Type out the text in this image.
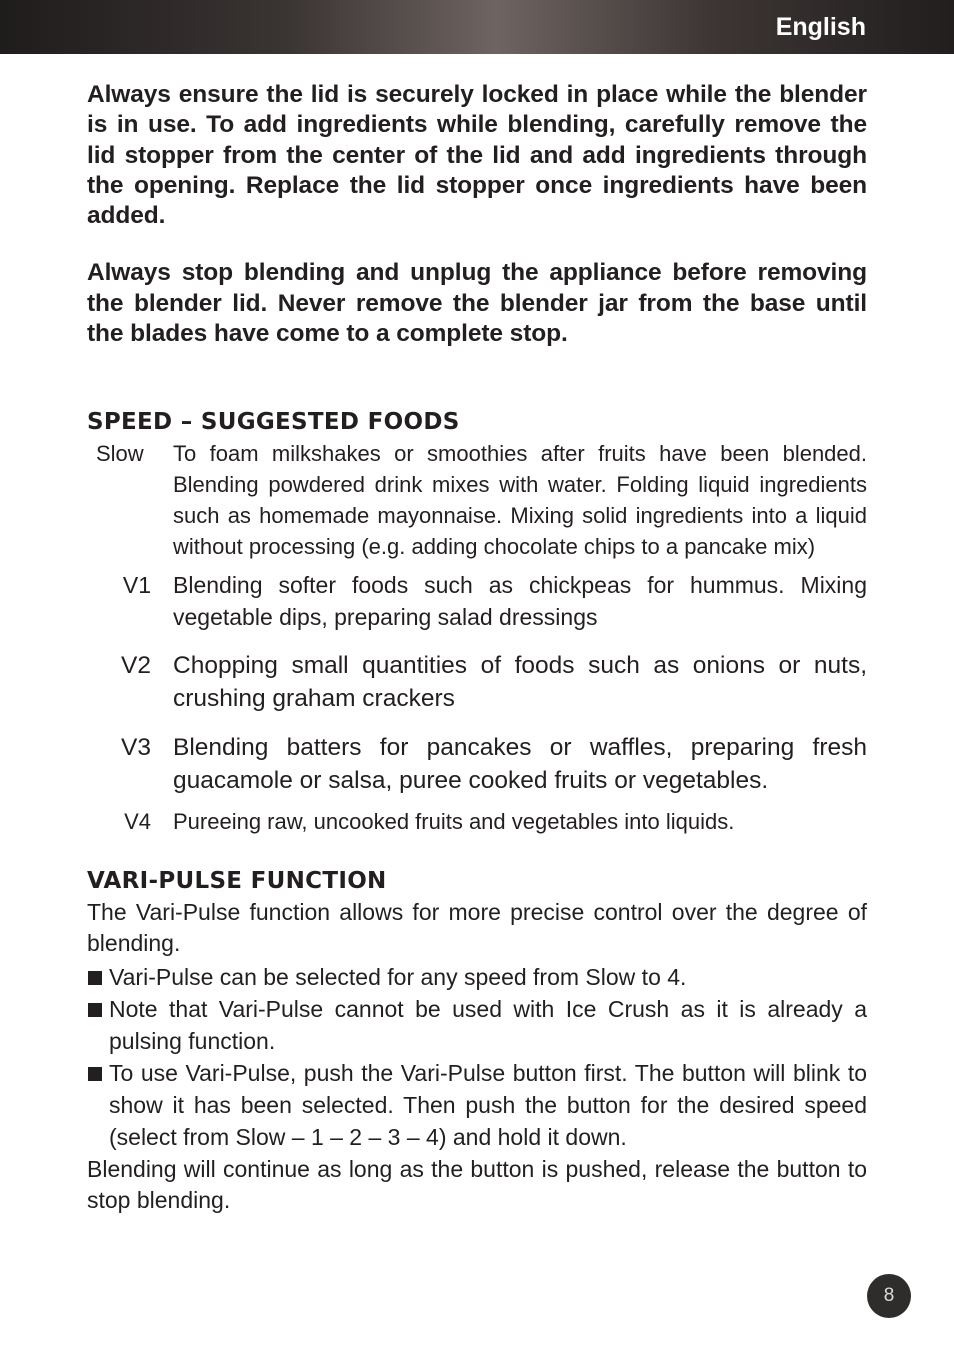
English

Always ensure the lid is securely locked in place while the blender is in use. To add ingredients while blending, carefully remove the lid stopper from the center of the lid and add ingredients through the opening. Replace the lid stopper once ingredients have been added.

Always stop blending and unplug the appliance before removing the blender lid. Never remove the blender jar from the base until the blades have come to a complete stop.

SPEED – SUGGESTED FOODS
Slow	To foam milkshakes or smoothies after fruits have been blended. Blending powdered drink mixes with water. Folding liquid ingredients such as homemade mayonnaise. Mixing solid ingredients into a liquid without processing (e.g. adding chocolate chips to a pancake mix)
V1 Blending softer foods such as chickpeas for hummus. Mixing vegetable dips, preparing salad dressings
V2 Chopping small quantities of foods such as onions or nuts, crushing graham crackers
V3 Blending batters for pancakes or waffles, preparing fresh guacamole or salsa, puree cooked fruits or vegetables.
V4	Pureeing raw, uncooked fruits and vegetables into liquids.
VARI-PULSE FUNCTION

The Vari-Pulse function allows for more precise control over the degree of blending.

Vari-Pulse can be selected for any speed from Slow to 4.
Note that Vari-Pulse cannot be used with Ice Crush as it is already a pulsing function.
To use Vari-Pulse, push the Vari-Pulse button first. The button will blink to show it has been selected. Then push the button for the desired speed (select from Slow – 1 – 2 – 3 – 4) and hold it down.

Blending will continue as long as the button is pushed, release the button to stop blending.

8
